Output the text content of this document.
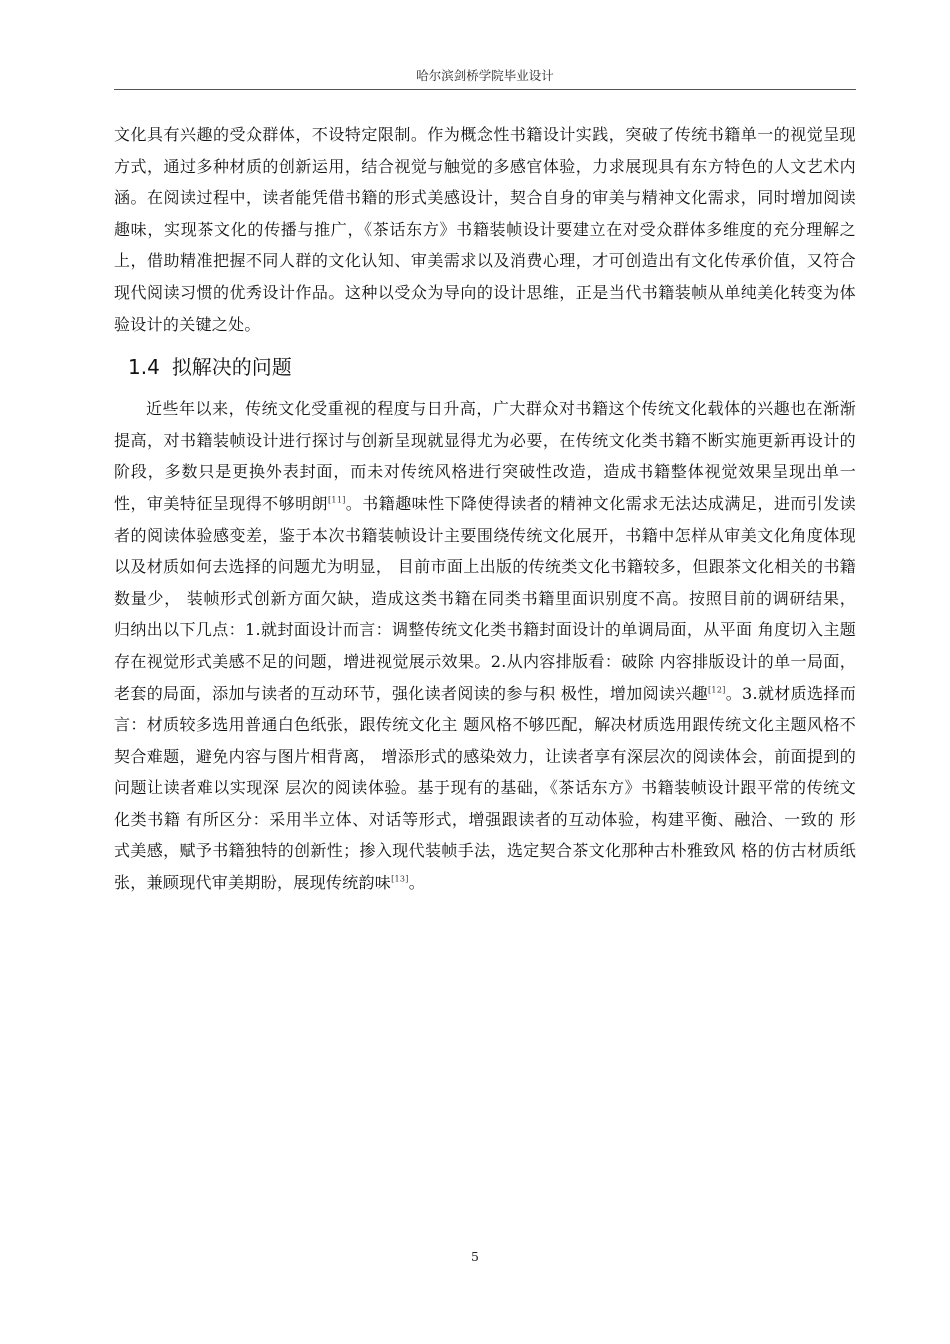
哈尔滨剑桥学院毕业设计

文化具有兴趣的受众群体，不设特定限制。作为概念性书籍设计实践，突破了传统书籍单一的视觉呈现方式，通过多种材质的创新运用，结合视觉与触觉的多感官体验，力求展现具有东方特色的人文艺术内涵。在阅读过程中，读者能凭借书籍的形式美感设计，契合自身的审美与精神文化需求，同时增加阅读趣味，实现茶文化的传播与推广，《茶话东方》书籍装帧设计要建立在对受众群体多维度的充分理解之上，借助精准把握不同人群的文化认知、审美需求以及消费心理，才可创造出有文化传承价值，又符合现代阅读习惯的优秀设计作品。这种以受众为导向的设计思维，正是当代书籍装帧从单纯美化转变为体验设计的关键之处。

1.4 拟解决的问题

近些年以来，传统文化受重视的程度与日升高，广大群众对书籍这个传统文化载体的兴趣也在渐渐提高，对书籍装帧设计进行探讨与创新呈现就显得尤为必要，在传统文化类书籍不断实施更新再设计的阶段，多数只是更换外表封面，而未对传统风格进行突破性改造，造成书籍整体视觉效果呈现出单一性，审美特征呈现得不够明朗[11]。书籍趣味性下降使得读者的精神文化需求无法达成满足，进而引发读者的阅读体验感变差，鉴于本次书籍装帧设计主要围绕传统文化展开，书籍中怎样从审美文化角度体现以及材质如何去选择的问题尤为明显， 目前市面上出版的传统类文化书籍较多，但跟茶文化相关的书籍数量少， 装帧形式创新方面欠缺，造成这类书籍在同类书籍里面识别度不高。按照目前的调研结果， 归纳出以下几点：1.就封面设计而言：调整传统文化类书籍封面设计的单调局面，从平面 角度切入主题存在视觉形式美感不足的问题，增进视觉展示效果。2.从内容排版看：破除 内容排版设计的单一局面，老套的局面，添加与读者的互动环节，强化读者阅读的参与积 极性，增加阅读兴趣[12]。3.就材质选择而言：材质较多选用普通白色纸张，跟传统文化主 题风格不够匹配，解决材质选用跟传统文化主题风格不契合难题，避免内容与图片相背离， 增添形式的感染效力，让读者享有深层次的阅读体会，前面提到的问题让读者难以实现深 层次的阅读体验。基于现有的基础，《茶话东方》书籍装帧设计跟平常的传统文化类书籍 有所区分：采用半立体、对话等形式，增强跟读者的互动体验，构建平衡、融洽、一致的 形式美感，赋予书籍独特的创新性；掺入现代装帧手法，选定契合茶文化那种古朴雅致风 格的仿古材质纸张，兼顾现代审美期盼，展现传统韵味[13]。

5
